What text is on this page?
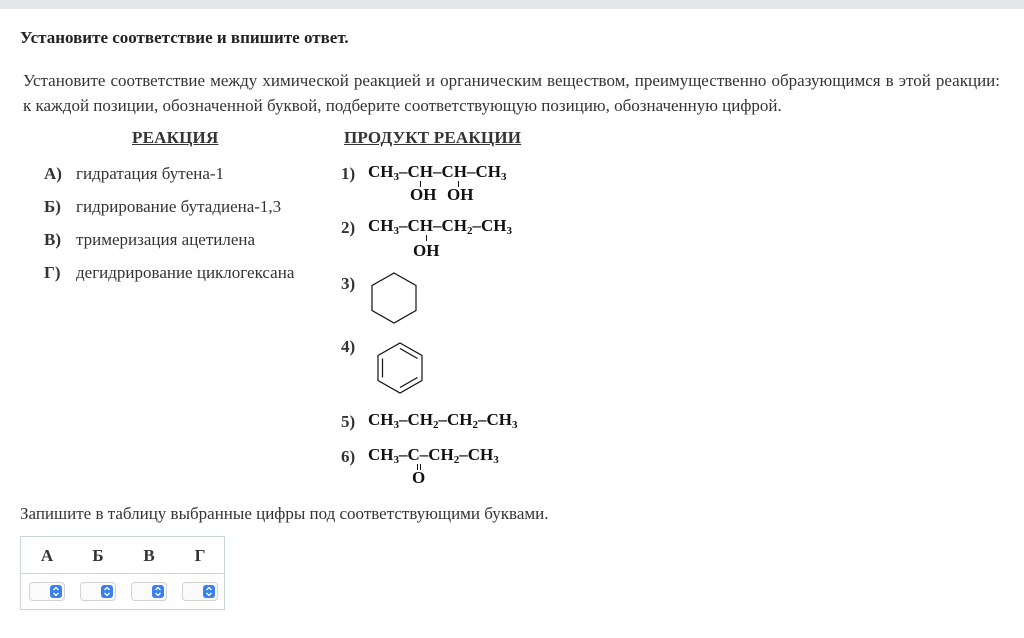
Установите соответствие и впишите ответ.
Установите соответствие между химической реакцией и органическим веществом, преимущественно образующимся в этой реакции: к каждой позиции, обозначенной буквой, подберите соответствующую позицию, обозначенную цифрой.
РЕАКЦИЯ	ПРОДУКТ РЕАКЦИИ
А) гидратация бутена-1
Б) гидрирование бутадиена-1,3
В) тримеризация ацетилена
Г) дегидрирование циклогексана
1)
2)
3)
4)
5)
6)
$CH_3-CH-CH-CH_3$
OH OH
$CH_3-CH-CH_2-CH_3$
OH
$CH_3-CH_2-CH_2-CH_3$
$CH_3-C-CH_2-CH_3$
O
Запишите в таблицу выбранные цифры под соответствующими буквами.
А	Б	В	Г
